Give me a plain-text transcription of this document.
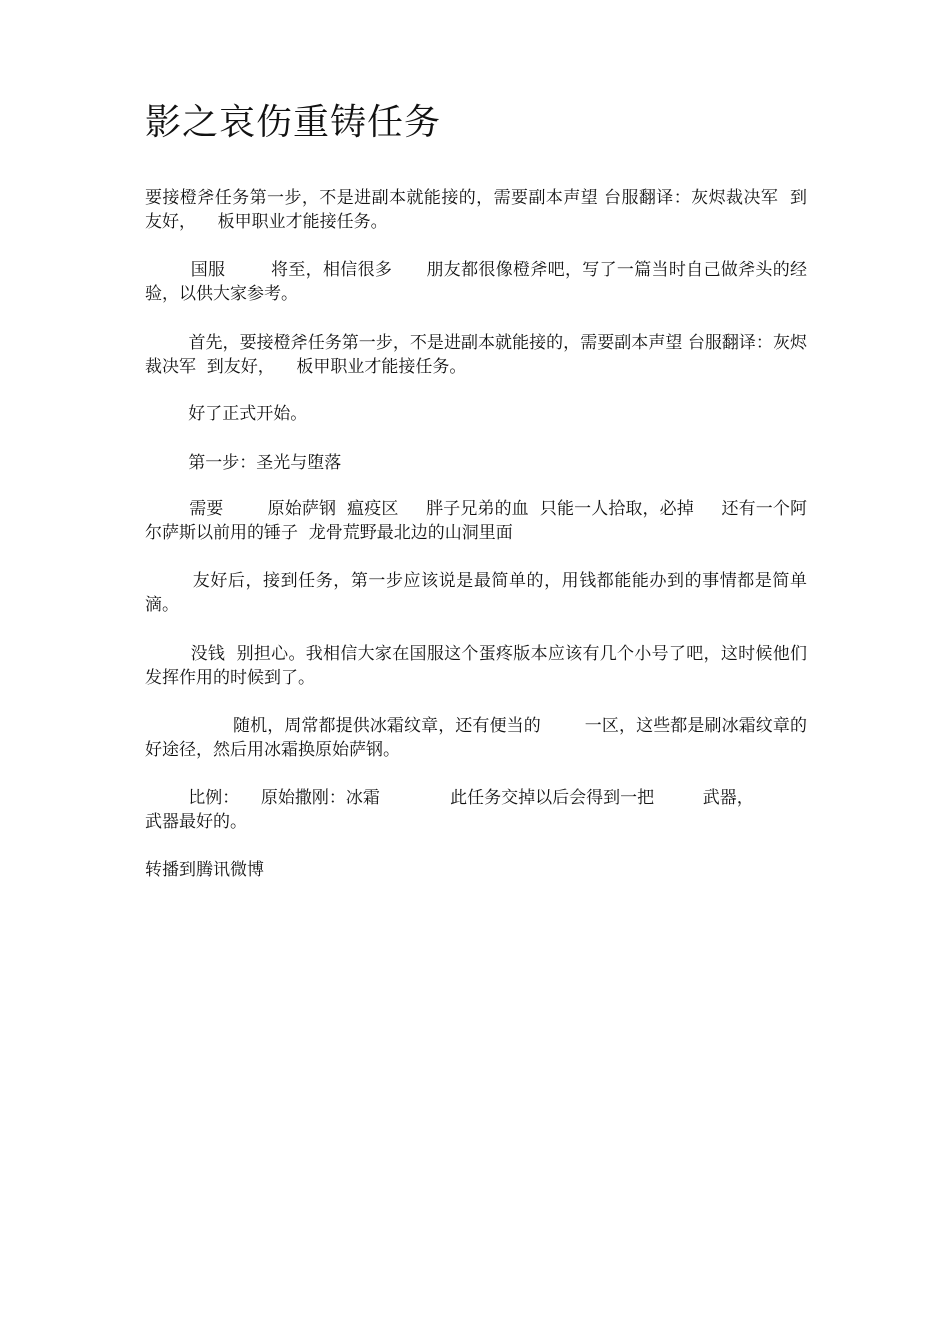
影之哀伤重铸任务

要接橙斧任务第一步，不是进副本就能接的，需要副本声望 台服翻译：灰烬裁决军  到友好，    板甲职业才能接任务。

国服        将至，相信很多      朋友都很像橙斧吧，写了一篇当时自己做斧头的经验，以供大家参考。

首先，要接橙斧任务第一步，不是进副本就能接的，需要副本声望 台服翻译：灰烬裁决军  到友好，    板甲职业才能接任务。

好了正式开始。

第一步：圣光与堕落

需要        原始萨钢  瘟疫区     胖子兄弟的血  只能一人拾取，必掉     还有一个阿尔萨斯以前用的锤子  龙骨荒野最北边的山洞里面

友好后，接到任务，第一步应该说是最简单的，用钱都能能办到的事情都是简单滴。

没钱  别担心。我相信大家在国服这个蛋疼版本应该有几个小号了吧，这时候他们发挥作用的时候到了。

随机，周常都提供冰霜纹章，还有便当的        一区，这些都是刷冰霜纹章的好途径，然后用冰霜换原始萨钢。

比例：    原始撒刚：冰霜             此任务交掉以后会得到一把         武器，
武器最好的。

转播到腾讯微博
